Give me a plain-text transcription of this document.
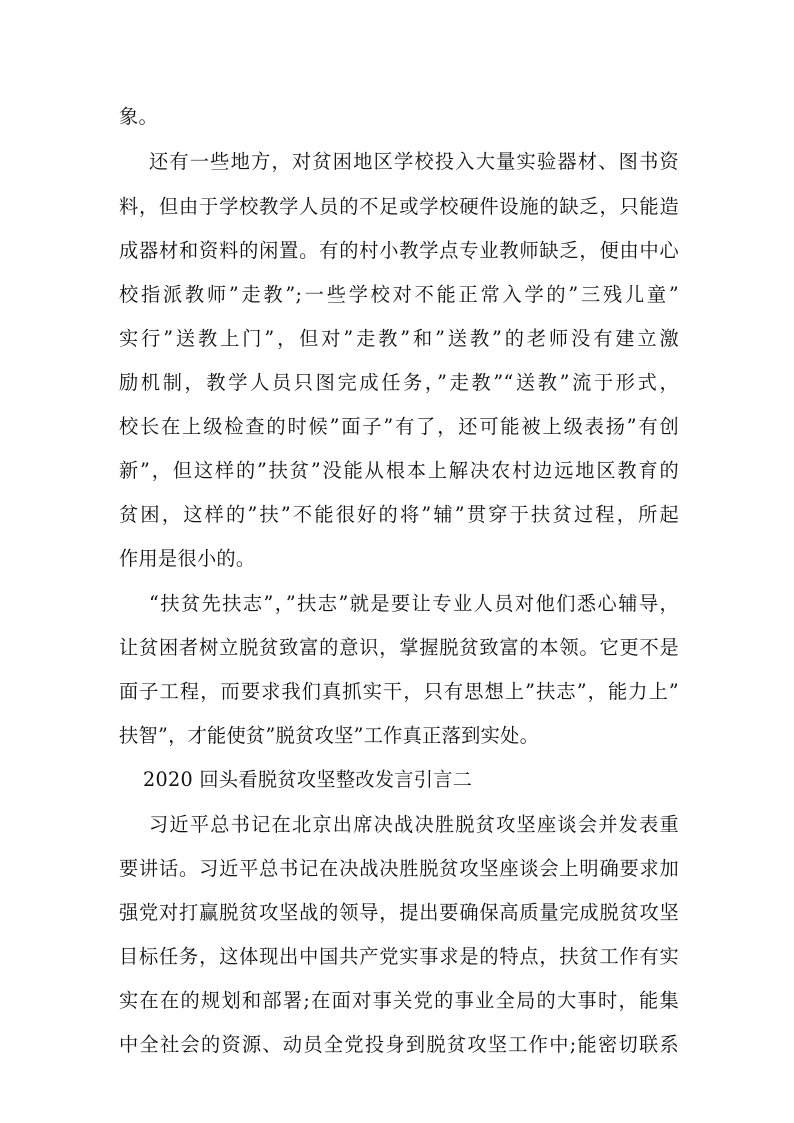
象。
还有一些地方，对贫困地区学校投入大量实验器材、图书资
料，但由于学校教学人员的不足或学校硬件设施的缺乏，只能造
成器材和资料的闲置。有的村小教学点专业教师缺乏，便由中心
校指派教师”走教”;一些学校对不能正常入学的”三残儿童”
实行”送教上门”，但对”走教”和”送教”的老师没有建立激
励机制，教学人员只图完成任务，”走教”“送教”流于形式，
校长在上级检查的时候”面子”有了，还可能被上级表扬”有创
新”，但这样的”扶贫”没能从根本上解决农村边远地区教育的
贫困，这样的”扶”不能很好的将”辅”贯穿于扶贫过程，所起
作用是很小的。
“扶贫先扶志”，”扶志”就是要让专业人员对他们悉心辅导，
让贫困者树立脱贫致富的意识，掌握脱贫致富的本领。它更不是
面子工程，而要求我们真抓实干，只有思想上”扶志”，能力上”
扶智”，才能使贫”脱贫攻坚”工作真正落到实处。
2020 回头看脱贫攻坚整改发言引言二
习近平总书记在北京出席决战决胜脱贫攻坚座谈会并发表重
要讲话。习近平总书记在决战决胜脱贫攻坚座谈会上明确要求加
强党对打赢脱贫攻坚战的领导，提出要确保高质量完成脱贫攻坚
目标任务，这体现出中国共产党实事求是的特点，扶贫工作有实
实在在的规划和部署;在面对事关党的事业全局的大事时，能集
中全社会的资源、动员全党投身到脱贫攻坚工作中;能密切联系
